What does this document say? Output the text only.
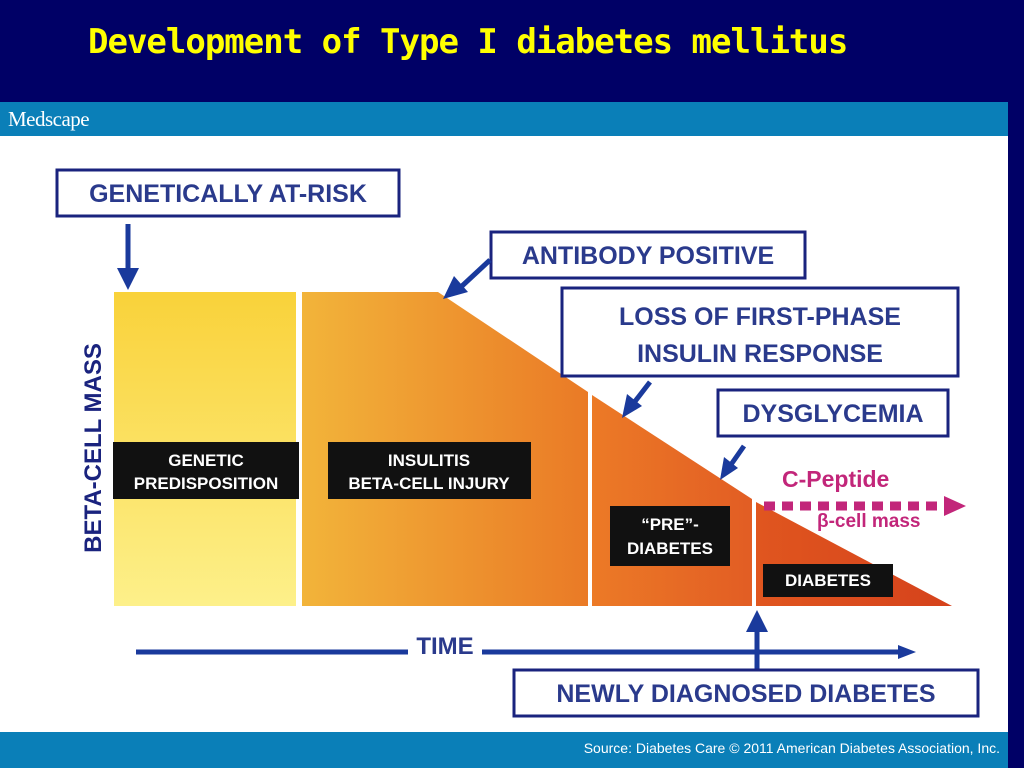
Development of Type I diabetes mellitus
Medscape
BETA-CELL MASS
GENETICALLY AT-RISK
ANTIBODY POSITIVE
LOSS OF FIRST-PHASE
INSULIN RESPONSE
DYSGLYCEMIA
GENETIC
PREDISPOSITION
INSULITIS
BETA-CELL INJURY
“PRE”-
DIABETES
DIABETES
C-Peptide
β-cell mass
TIME
NEWLY DIAGNOSED DIABETES
Source: Diabetes Care © 2011 American Diabetes Association, Inc.
